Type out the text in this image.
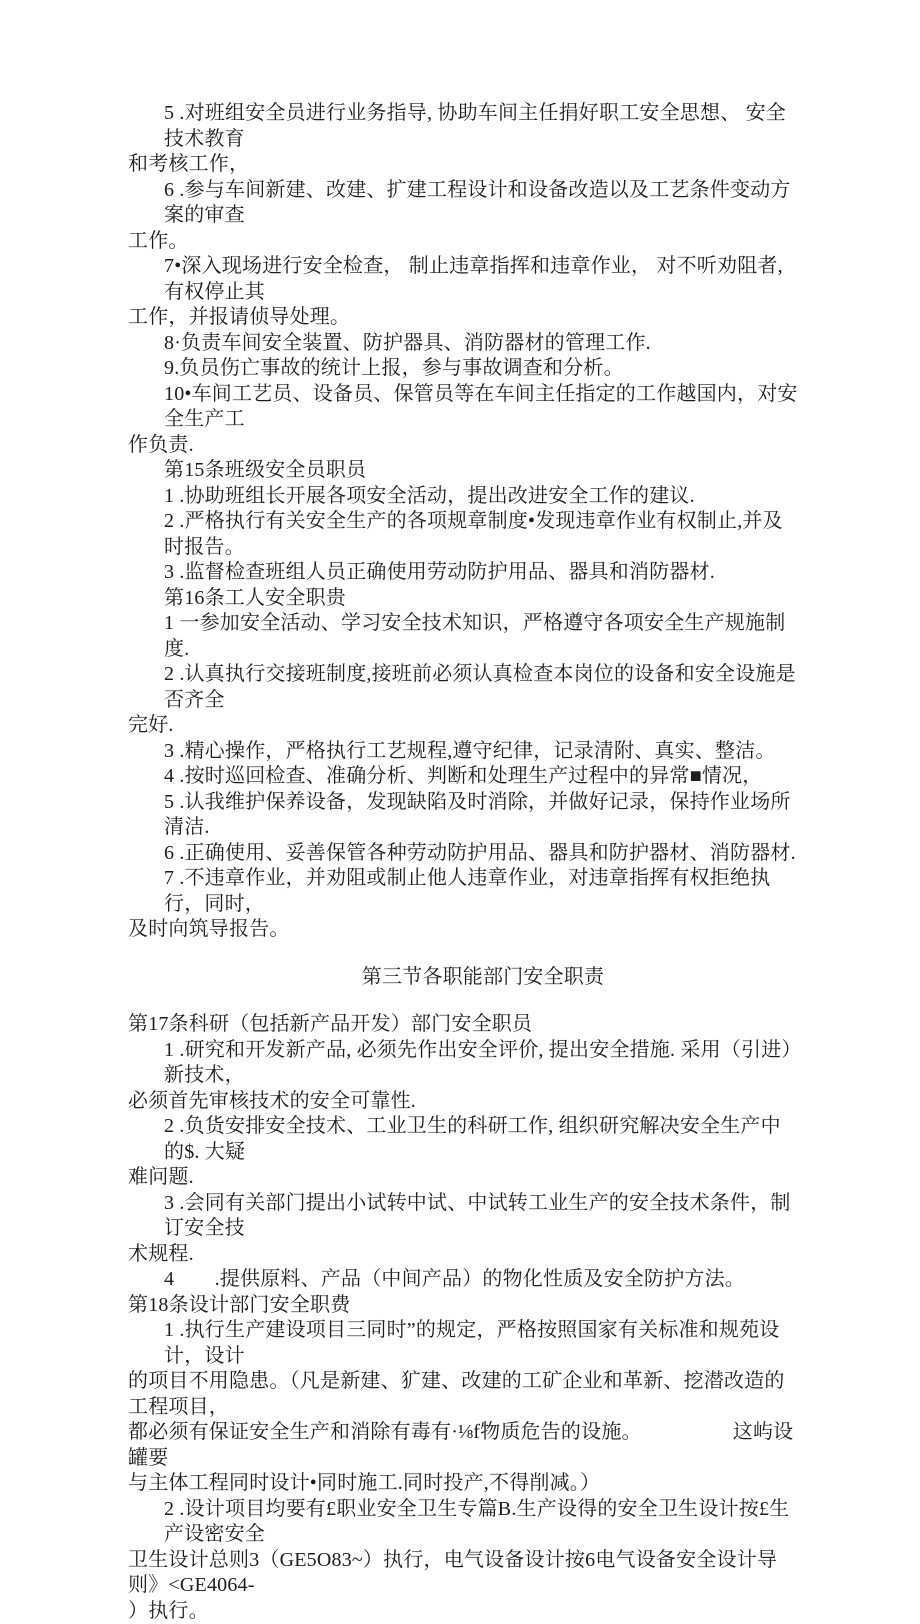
5 .对班组安全员进行业务指导, 协助车间主任捐好职工安全思想、 安全技术教育
和考核工作，
6 .参与车间新建、改建、扩建工程设计和设备改造以及工艺条件变动方案的审查
工作。
7•深入现场进行安全检查， 制止违章指挥和违章作业， 对不听劝阻者, 有权停止其
工作，并报请侦导处理。
8·负责车间安全装置、防护器具、消防器材的管理工作.
9.负员伤亡事故的统计上报，参与事故调查和分析。
10•车间工艺员、设备员、保管员等在车间主任指定的工作越国内，对安全生产工
作负责.
第15条班级安全员职员
1 .协助班组长开展各项安全活动，提出改进安全工作的建议.
2 .严格执行有关安全生产的各项规章制度•发现违章作业有权制止,并及时报告。
3 .监督检查班组人员正确使用劳动防护用品、器具和消防器材.
第16条工人安全职贵
1 一参加安全活动、学习安全技术知识，严格遵守各项安全生产规施制度.
2 .认真执行交接班制度,接班前必须认真检查本岗位的设备和安全设施是否齐全
完好.
3 .精心操作，严格执行工艺规程,遵守纪律，记录清附、真实、整洁。
4 .按时巡回检查、准确分析、判断和处理生产过程中的异常■情况，
5 .认我维护保养设备，发现缺陷及时消除，并做好记录，保持作业场所清洁.
6 .正确使用、妥善保管各种劳动防护用品、器具和防护器材、消防器材.
7 .不违章作业，并劝阻或制止他人违章作业，对违章指挥有权拒绝执行，同时，
及时向筑导报告。
第三节各职能部门安全职责
第17条科研（包括新产品开发）部门安全职员
1 .研究和开发新产品, 必须先作出安全评价, 提出安全措施. 采用（引进）新技术，
必须首先审核技术的安全可靠性.
2 .负货安排安全技术、工业卫生的科研工作, 组织研究解决安全生产中的$. 大疑
难问题.
3 .会同有关部门提出小试转中试、中试转工业生产的安全技术条件，制订安全技
术规程.
4　　.提供原料、产品（中间产品）的物化性质及安全防护方法。
第18条设计部门安全职费
1 .执行生产建设项目三同时”的规定，严格按照国家有关标准和规苑设计，设计
的项目不用隐患。（凡是新建、犷建、改建的工矿企业和革新、挖潜改造的工程项目，
都必须有保证安全生产和消除有毒有·⅛f物质危告的设施。　　　　　这屿设罐要
与主体工程同时设计•同时施工.同时投产,不得削减。）
2 .设计项目均要有£职业安全卫生专篇B.生产设得的安全卫生设计按£生产设密安全
卫生设计总则3（GE5O83~）执行，电气设备设计按6电气设备安全设计导则》<GE4064-
）执行。
